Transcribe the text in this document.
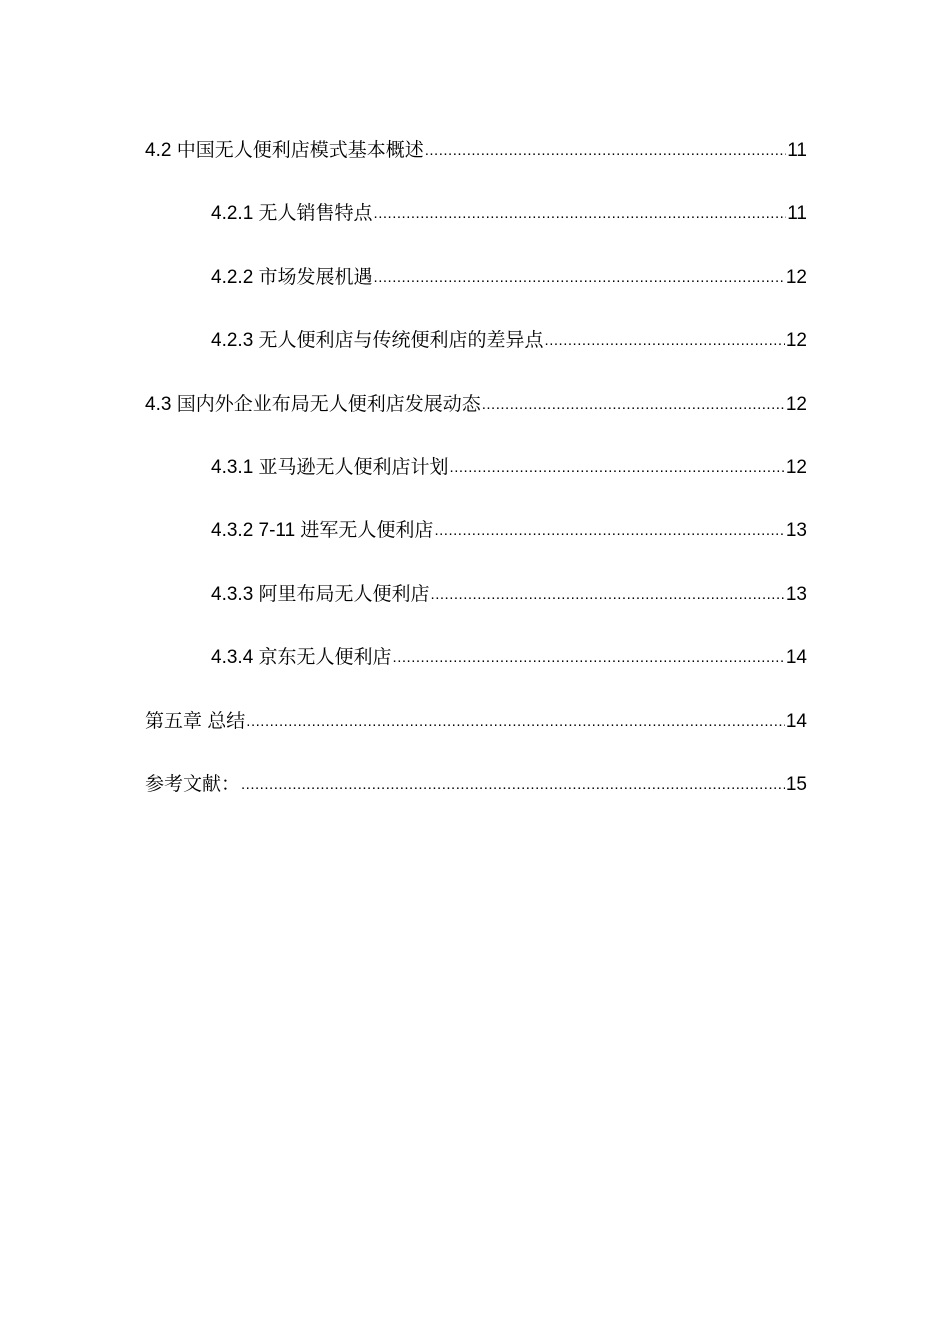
4.2 中国无人便利店模式基本概述 .....	11
4.2.1 无人销售特点 .....	11
4.2.2 市场发展机遇 .....	12
4.2.3 无人便利店与传统便利店的差异点 .....	12
4.3 国内外企业布局无人便利店发展动态 .....	12
4.3.1 亚马逊无人便利店计划 .....	12
4.3.2 7-11 进军无人便利店 .....	13
4.3.3 阿里布局无人便利店 .....	13
4.3.4 京东无人便利店 .....	14
第五章 总结 .....	14
参考文献： .....	15
